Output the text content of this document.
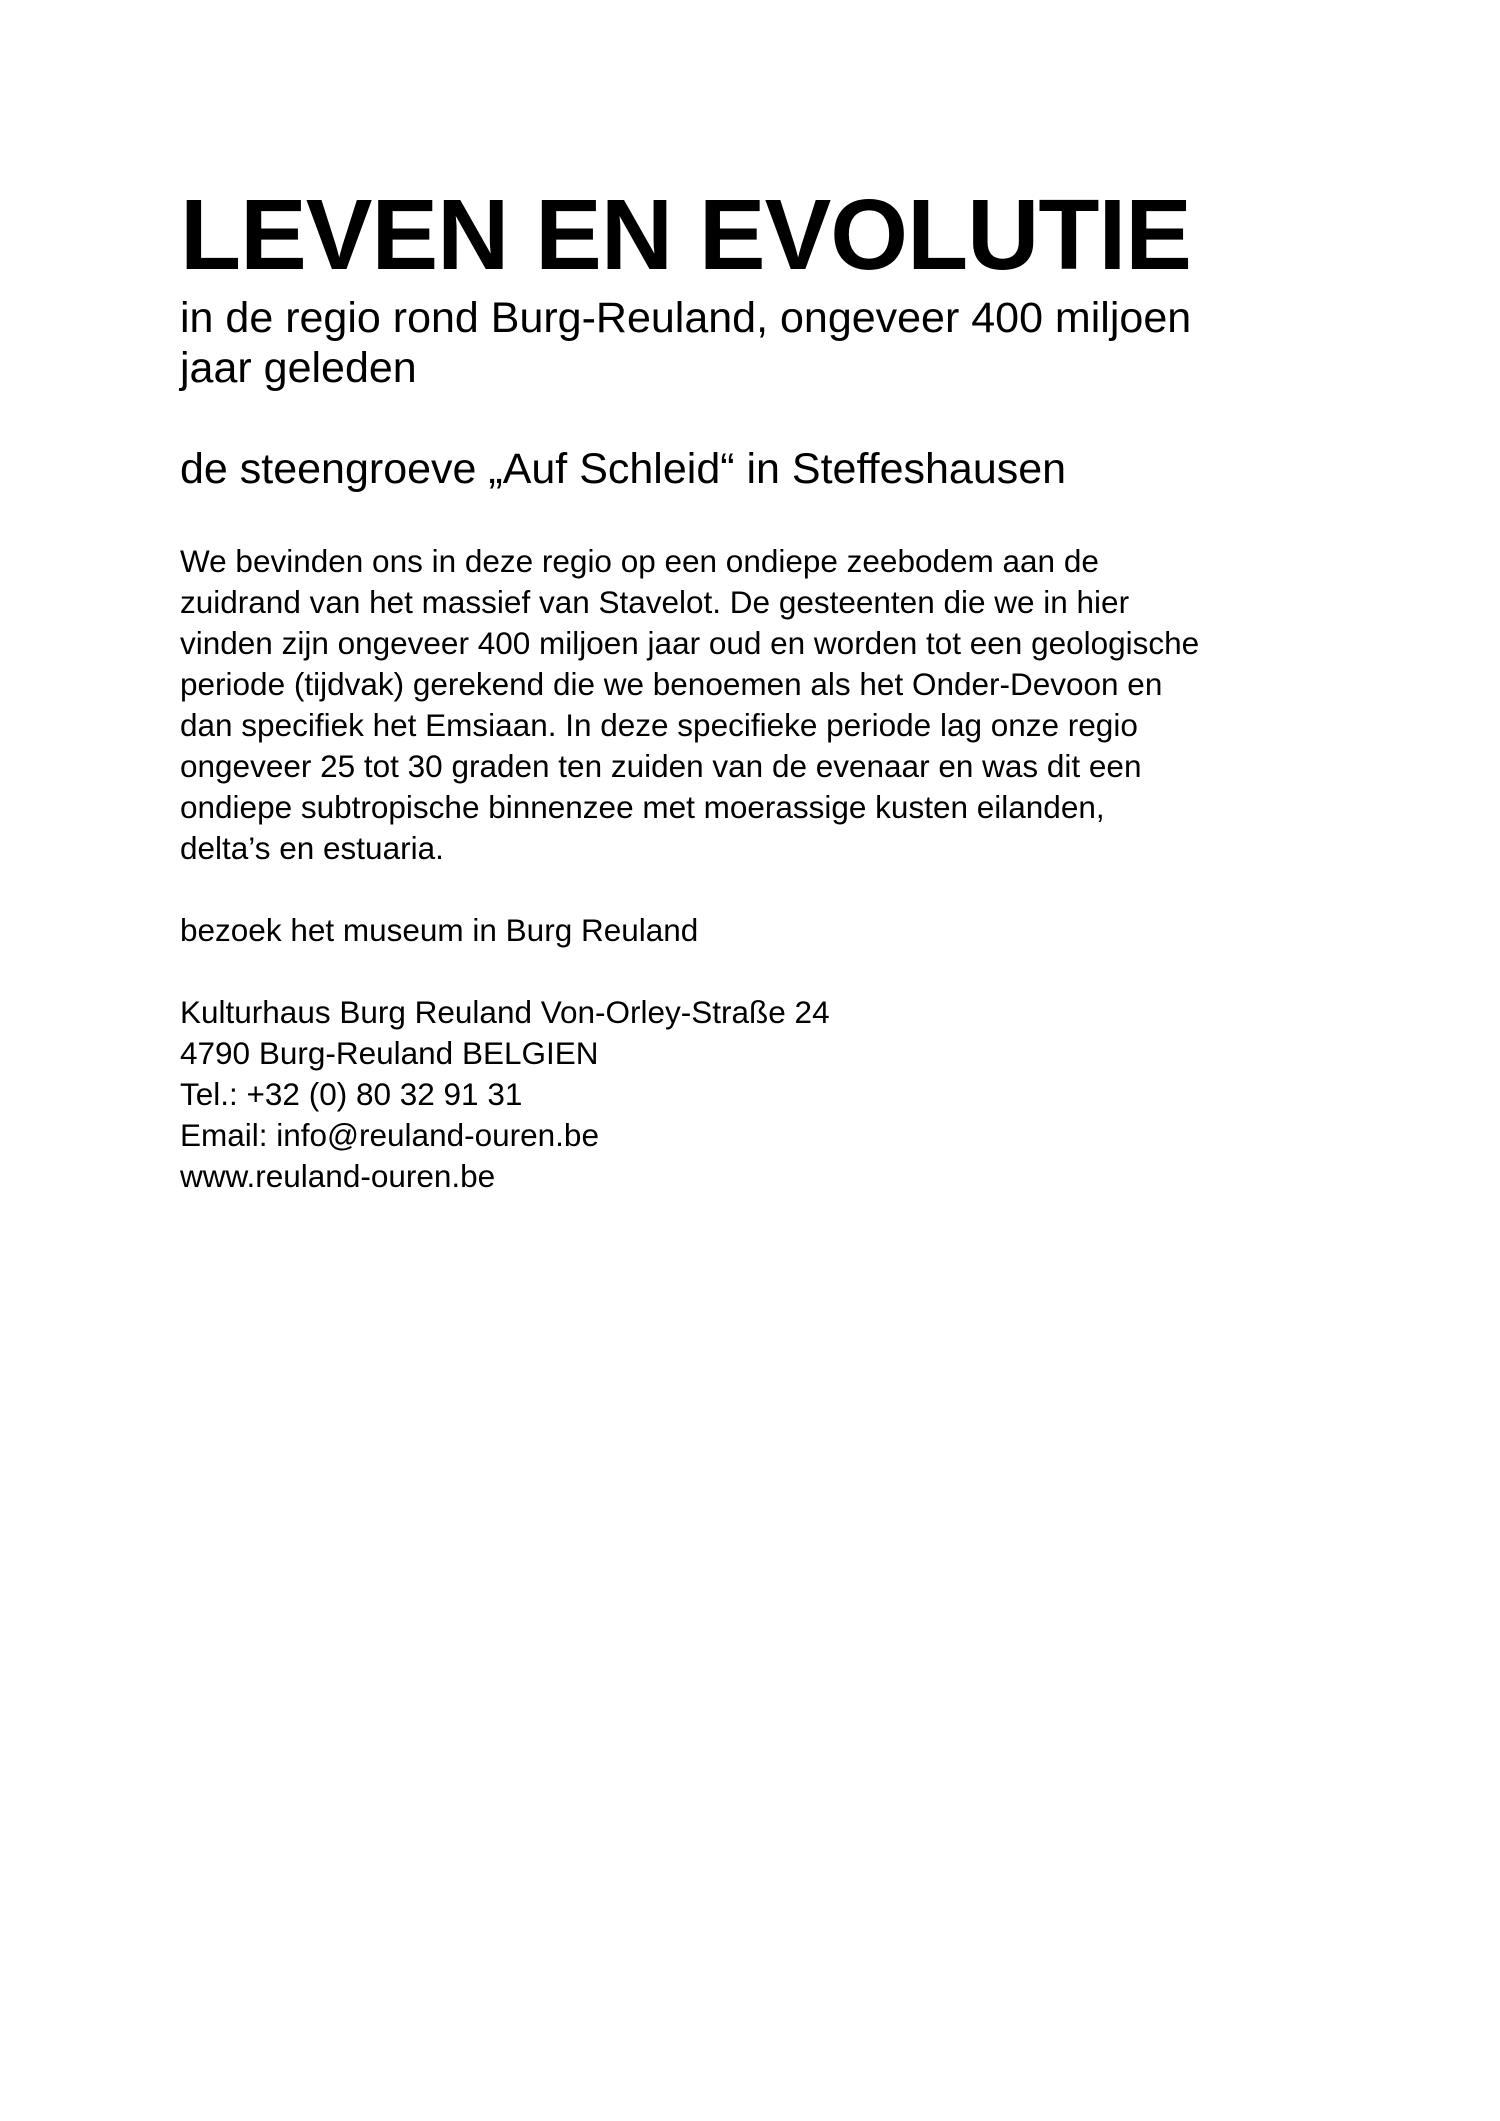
LEVEN EN EVOLUTIE
in de regio rond Burg-Reuland, ongeveer 400 miljoen
jaar geleden
de steengroeve „Auf Schleid“ in Steffeshausen
We bevinden ons in deze regio op een ondiepe zeebodem aan de
zuidrand van het massief van Stavelot. De gesteenten die we in hier
vinden zijn ongeveer 400 miljoen jaar oud en worden tot een geologische
periode (tijdvak) gerekend die we benoemen als het Onder-Devoon en
dan specifiek het Emsiaan. In deze specifieke periode lag onze regio
ongeveer 25 tot 30 graden ten zuiden van de evenaar en was dit een
ondiepe subtropische binnenzee met moerassige kusten eilanden,
delta’s en estuaria.
bezoek het museum in Burg Reuland
Kulturhaus Burg Reuland Von-Orley-Straße 24
4790 Burg-Reuland BELGIEN
Tel.: +32 (0) 80 32 91 31
Email: info@reuland-ouren.be
www.reuland-ouren.be
